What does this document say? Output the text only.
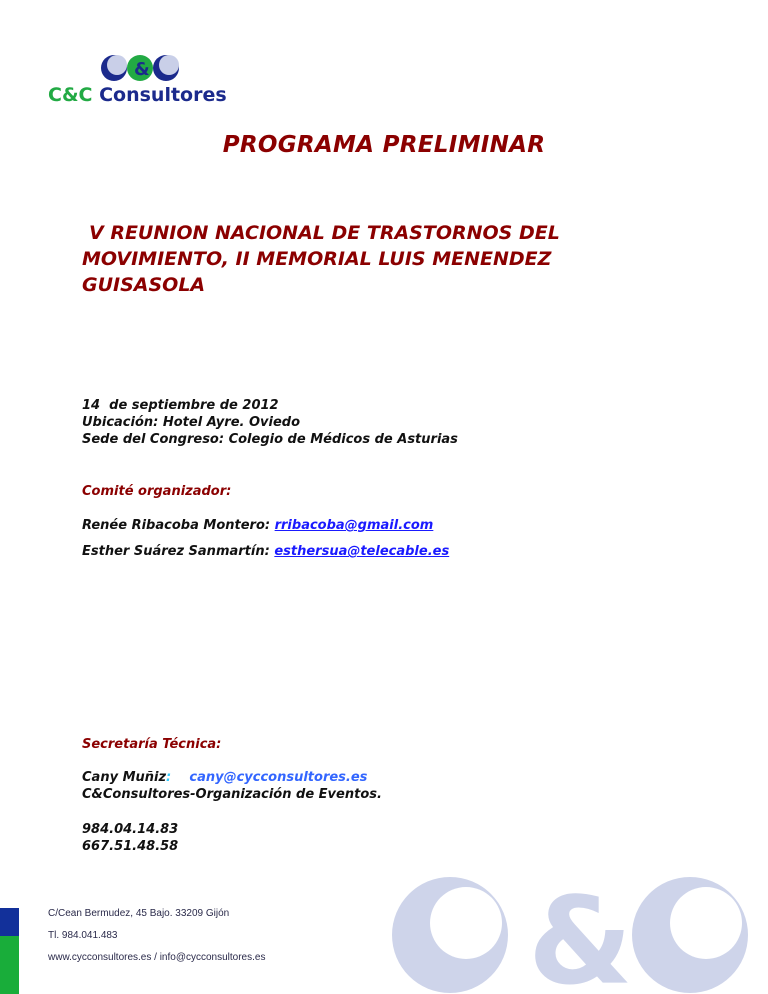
&
C&C Consultores
PROGRAMA PRELIMINAR
V REUNION NACIONAL DE TRASTORNOS DEL
MOVIMIENTO, II MEMORIAL LUIS MENENDEZ
GUISASOLA
14  de septiembre de 2012
Ubicación: Hotel Ayre. Oviedo
Sede del Congreso: Colegio de Médicos de Asturias
Comité organizador:
Renée Ribacoba Montero: rribacoba@gmail.com
Esther Suárez Sanmartín: esthersua@telecable.es
Secretaría Técnica:
Cany Muñiz: cany@cycconsultores.es
C&Consultores-Organización de Eventos.
984.04.14.83
667.51.48.58
&
C/Cean Bermudez, 45 Bajo. 33209 Gijón
Tl. 984.041.483
www.cycconsultores.es / info@cycconsultores.es
